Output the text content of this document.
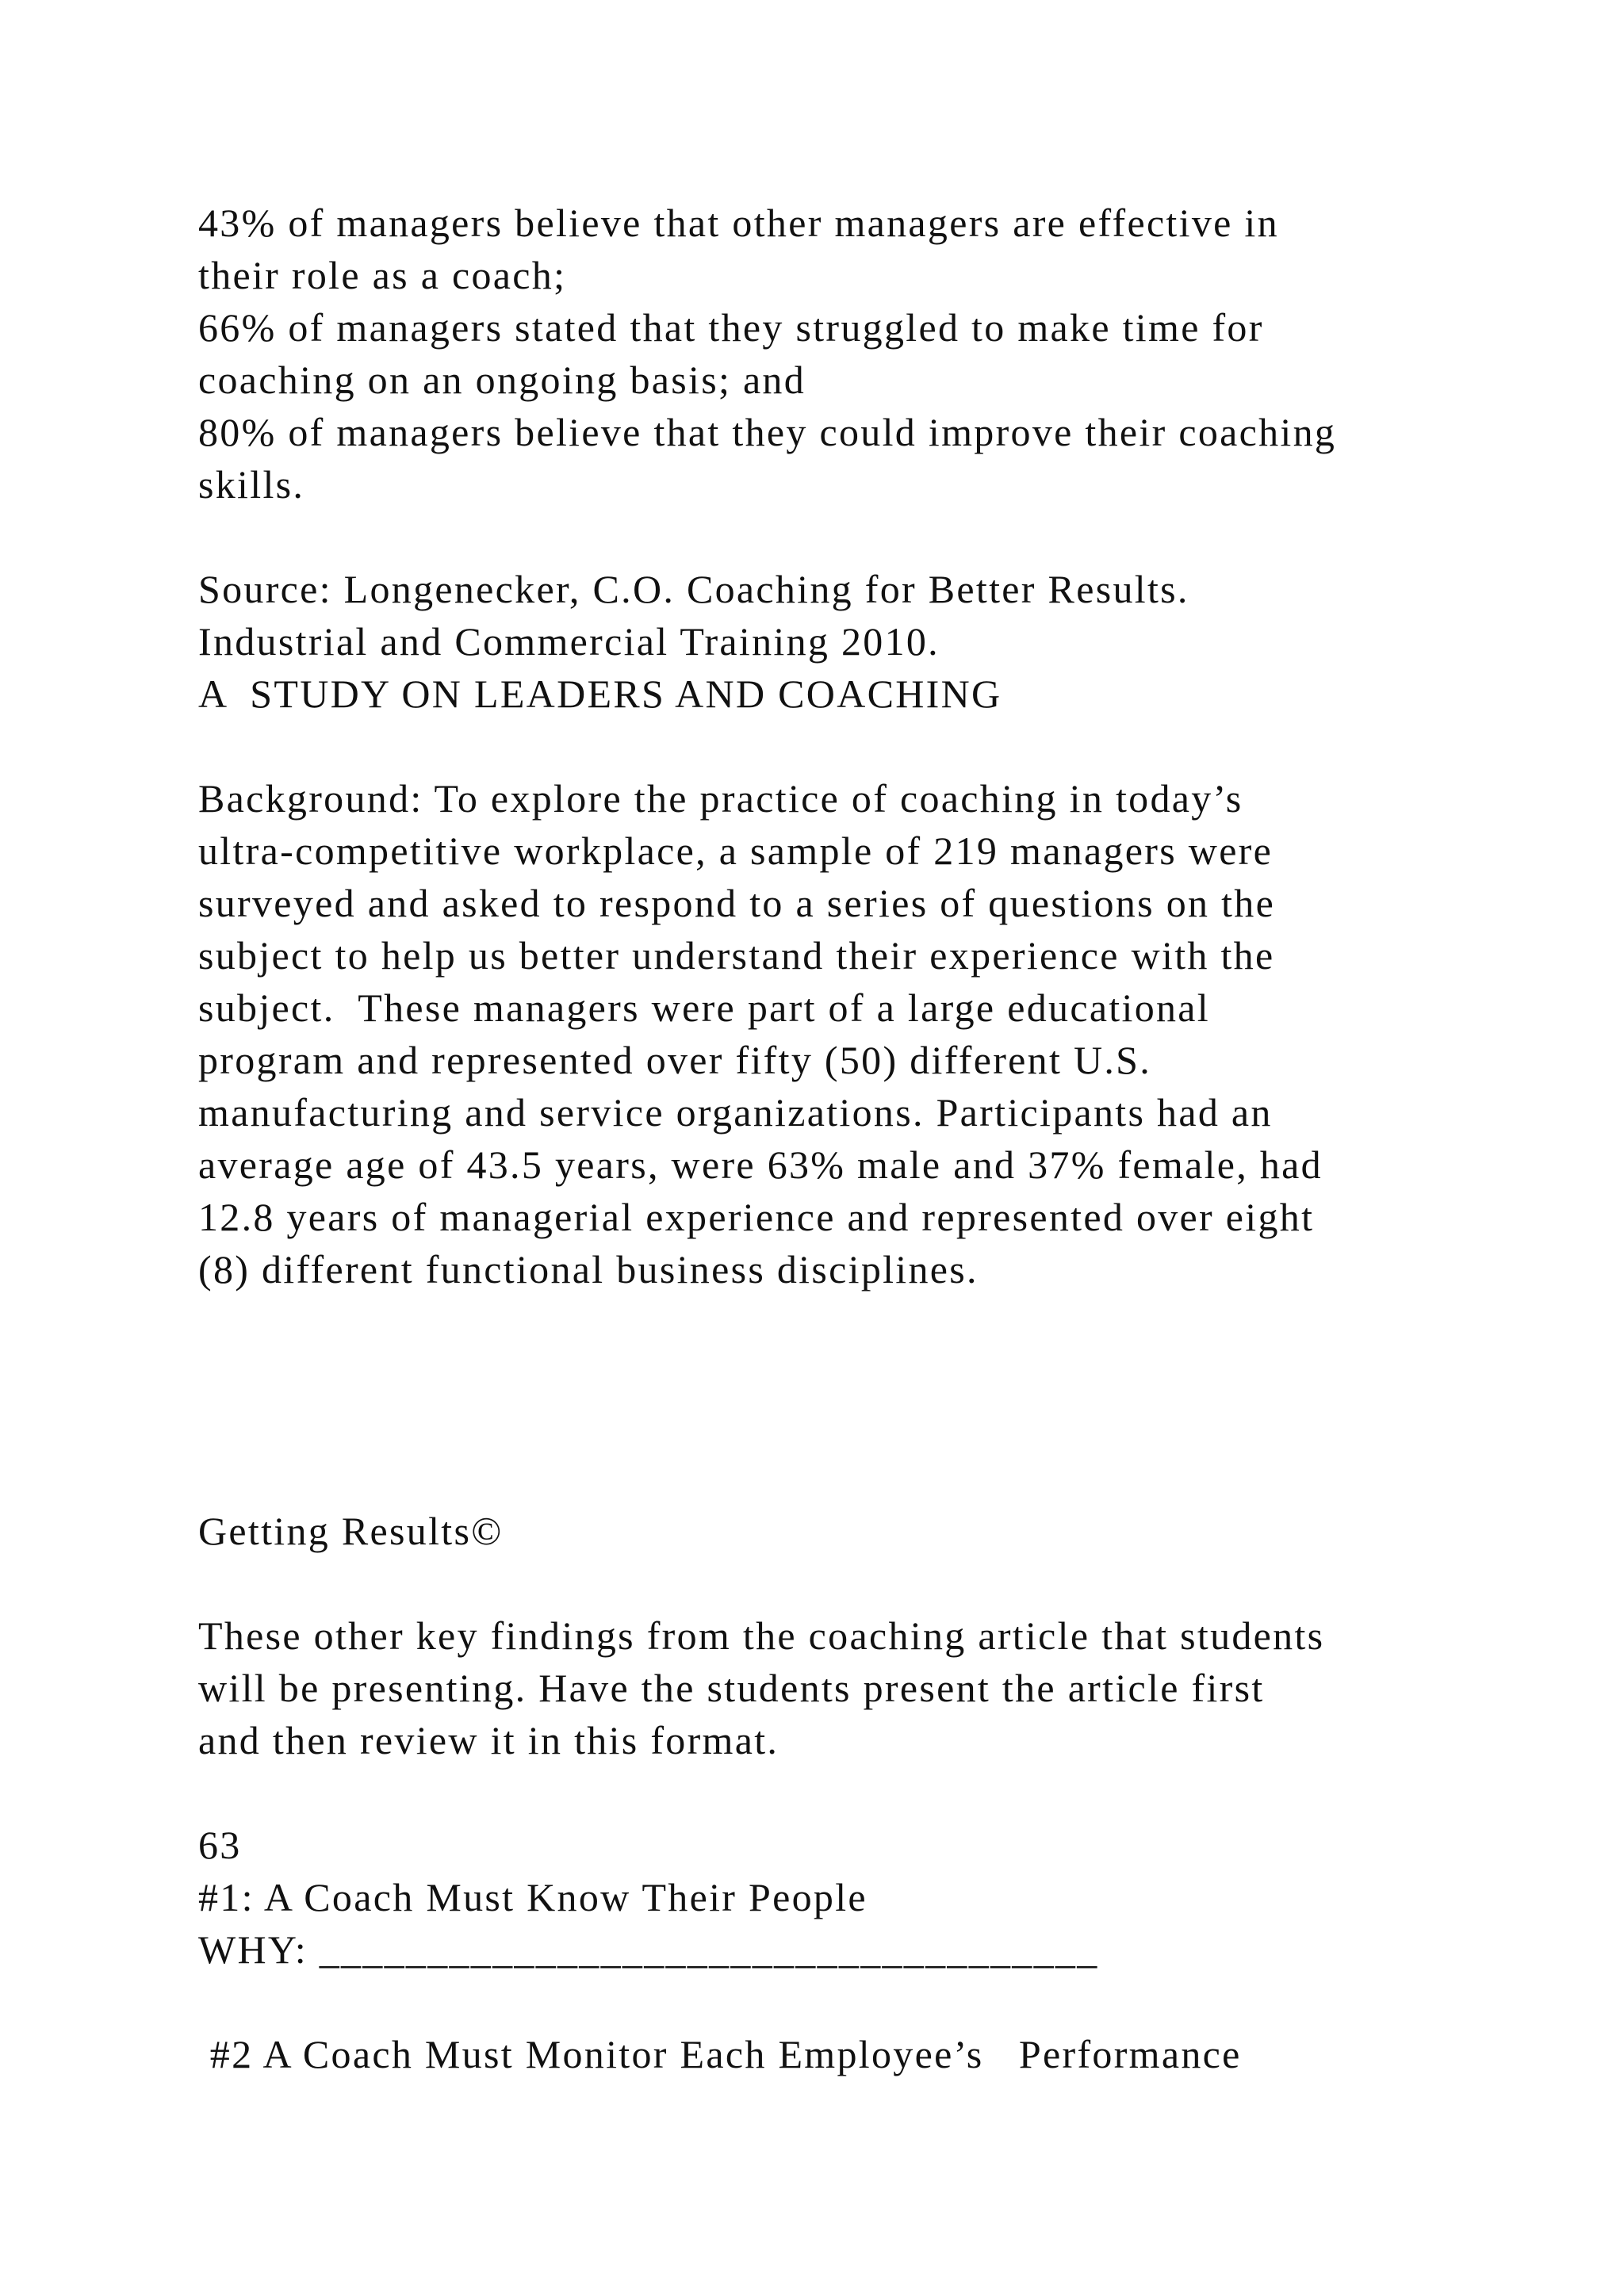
43% of managers believe that other managers are effective in

their role as a coach;

66% of managers stated that they struggled to make time for

coaching on an ongoing basis; and

80% of managers believe that they could improve their coaching

skills.

Source: Longenecker, C.O. Coaching for Better Results.

Industrial and Commercial Training 2010.

A  STUDY ON LEADERS AND COACHING

Background: To explore the practice of coaching in today’s

ultra-competitive workplace, a sample of 219 managers were

surveyed and asked to respond to a series of questions on the

subject to help us better understand their experience with the

subject.  These managers were part of a large educational

program and represented over fifty (50) different U.S.

manufacturing and service organizations. Participants had an

average age of 43.5 years, were 63% male and 37% female, had

12.8 years of managerial experience and represented over eight

(8) different functional business disciplines.

Getting Results©

These other key findings from the coaching article that students

will be presenting. Have the students present the article first

and then review it in this format.

63

#1: A Coach Must Know Their People

WHY: ____________________________________

#2 A Coach Must Monitor Each Employee’s   Performance
